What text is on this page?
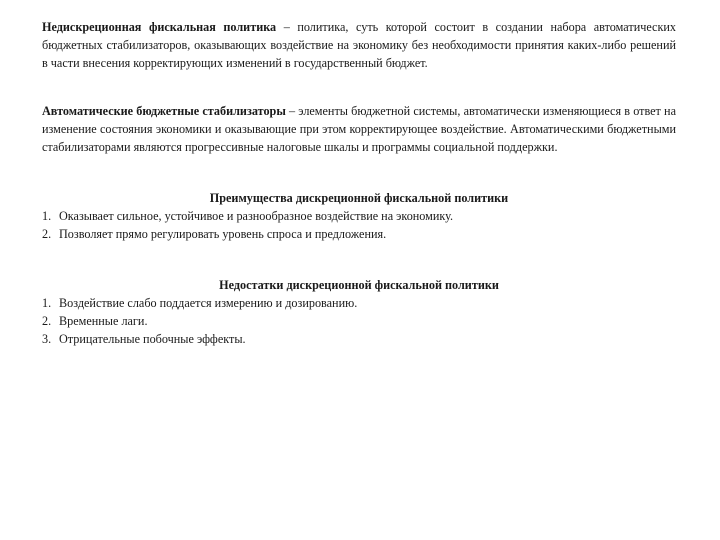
Недискреционная фискальная политика – политика, суть которой состоит в создании набора автоматических бюджетных стабилизаторов, оказывающих воздействие на экономику без необходимости принятия каких-либо решений в части внесения корректирующих изменений в государственный бюджет.

Автоматические бюджетные стабилизаторы – элементы бюджетной системы, автоматически изменяющиеся в ответ на изменение состояния экономики и оказывающие при этом корректирующее воздействие. Автоматическими бюджетными стабилизаторами являются прогрессивные налоговые шкалы и программы социальной поддержки.

Преимущества дискреционной фискальной политики

1. Оказывает сильное, устойчивое и разнообразное воздействие на экономику.
2. Позволяет прямо регулировать уровень спроса и предложения.

Недостатки дискреционной фискальной политики

1. Воздействие слабо поддается измерению и дозированию.
2. Временные лаги.
3. Отрицательные побочные эффекты.
